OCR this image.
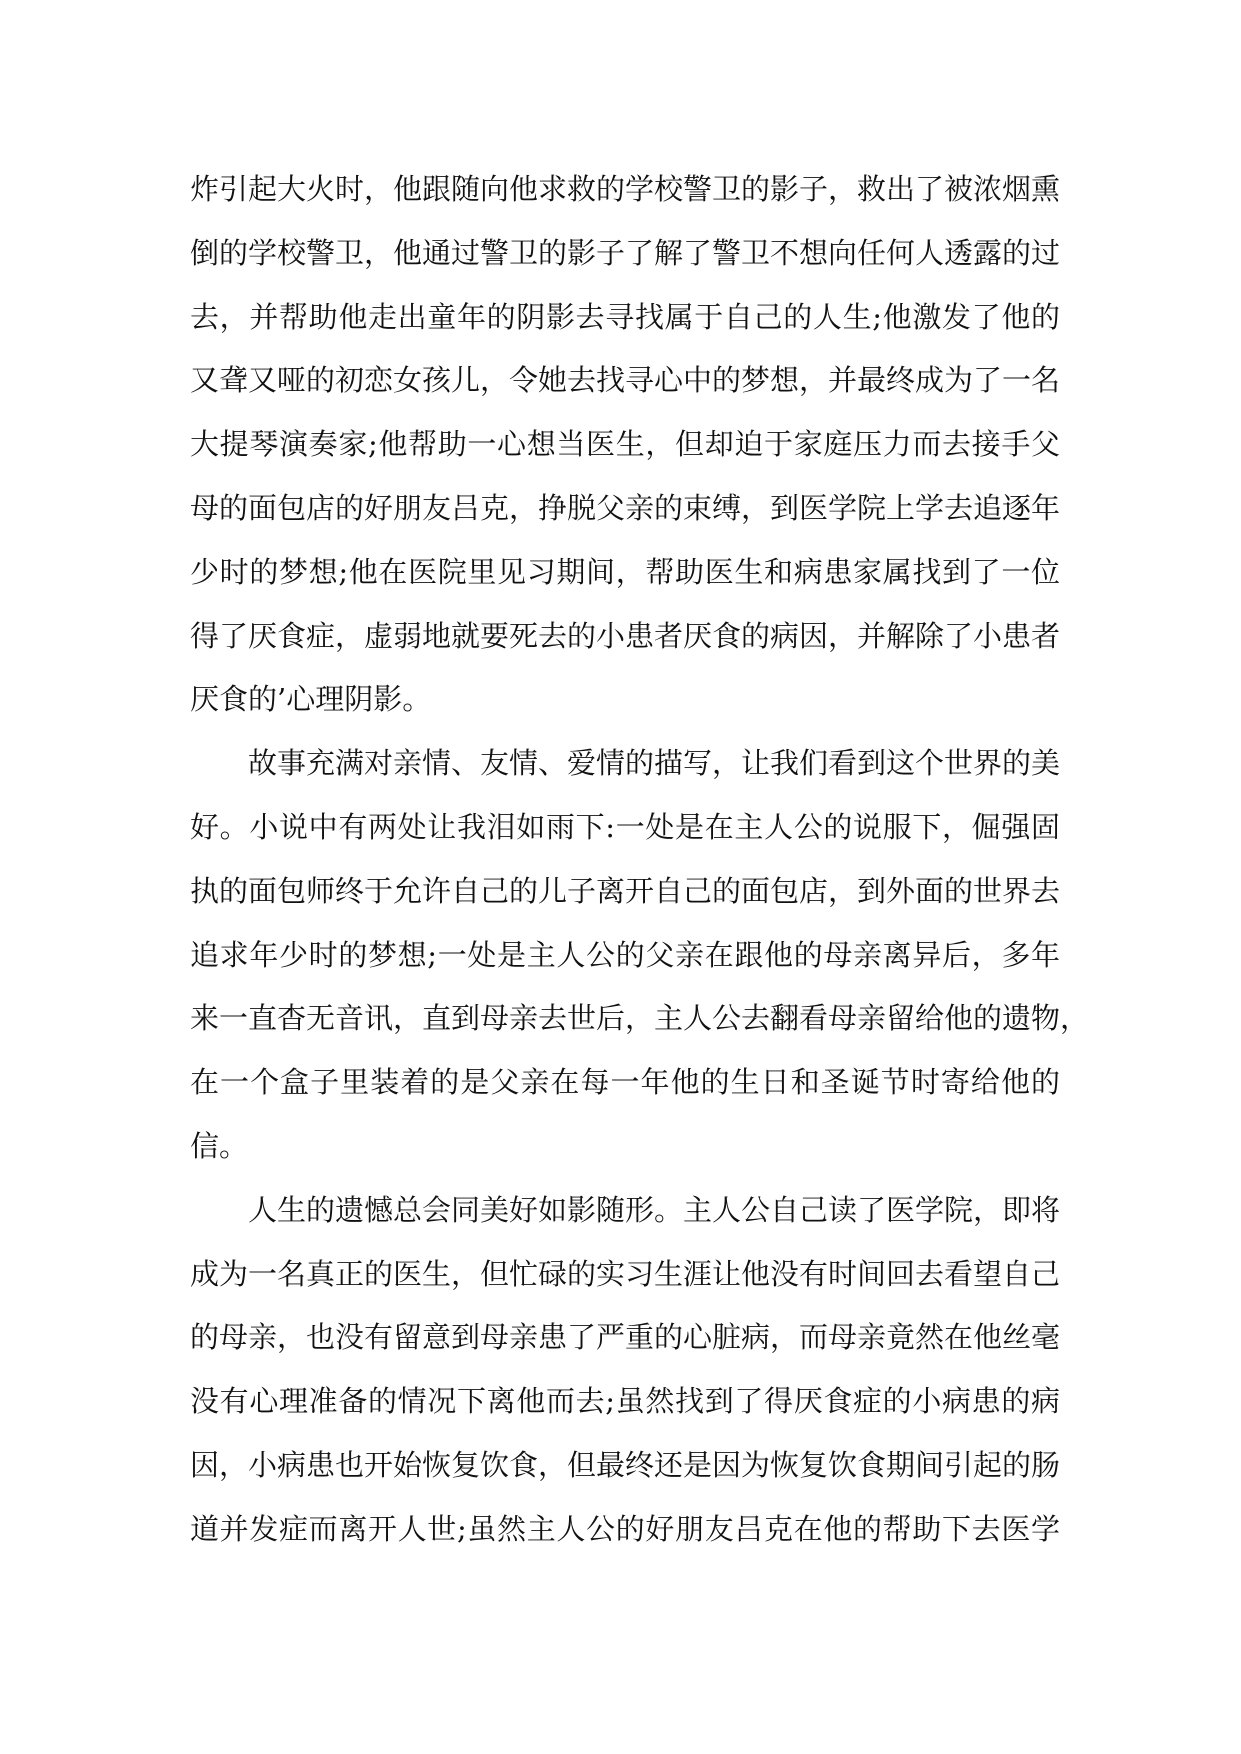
炸引起大火时，他跟随向他求救的学校警卫的影子，救出了被浓烟熏
倒的学校警卫，他通过警卫的影子了解了警卫不想向任何人透露的过
去，并帮助他走出童年的阴影去寻找属于自己的人生;他激发了他的
又聋又哑的初恋女孩儿，令她去找寻心中的梦想，并最终成为了一名
大提琴演奏家;他帮助一心想当医生，但却迫于家庭压力而去接手父
母的面包店的好朋友吕克，挣脱父亲的束缚，到医学院上学去追逐年
少时的梦想;他在医院里见习期间，帮助医生和病患家属找到了一位
得了厌食症，虚弱地就要死去的小患者厌食的病因，并解除了小患者
厌食的’心理阴影。
故事充满对亲情、友情、爱情的描写，让我们看到这个世界的美
好。小说中有两处让我泪如雨下:一处是在主人公的说服下，倔强固
执的面包师终于允许自己的儿子离开自己的面包店，到外面的世界去
追求年少时的梦想;一处是主人公的父亲在跟他的母亲离异后，多年
来一直杳无音讯，直到母亲去世后，主人公去翻看母亲留给他的遗物，
在一个盒子里装着的是父亲在每一年他的生日和圣诞节时寄给他的
信。
人生的遗憾总会同美好如影随形。主人公自己读了医学院，即将
成为一名真正的医生，但忙碌的实习生涯让他没有时间回去看望自己
的母亲，也没有留意到母亲患了严重的心脏病，而母亲竟然在他丝毫
没有心理准备的情况下离他而去;虽然找到了得厌食症的小病患的病
因，小病患也开始恢复饮食，但最终还是因为恢复饮食期间引起的肠
道并发症而离开人世;虽然主人公的好朋友吕克在他的帮助下去医学
